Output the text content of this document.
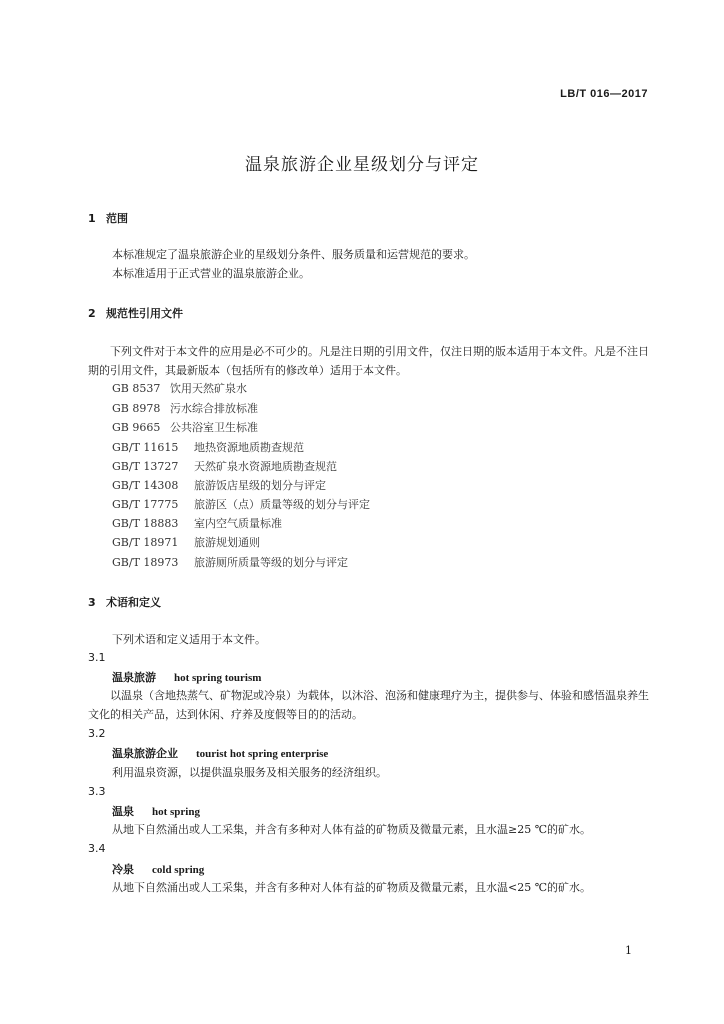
LB/T 016—2017
温泉旅游企业星级划分与评定
1 范围
本标准规定了温泉旅游企业的星级划分条件、服务质量和运营规范的要求。
本标准适用于正式营业的温泉旅游企业。
2 规范性引用文件
下列文件对于本文件的应用是必不可少的。凡是注日期的引用文件，仅注日期的版本适用于本文件。凡是不注日期的引用文件，其最新版本（包括所有的修改单）适用于本文件。
GB 8537 饮用天然矿泉水
GB 8978 污水综合排放标准
GB 9665 公共浴室卫生标准
GB/T 11615 地热资源地质勘查规范
GB/T 13727 天然矿泉水资源地质勘查规范
GB/T 14308 旅游饭店星级的划分与评定
GB/T 17775 旅游区（点）质量等级的划分与评定
GB/T 18883 室内空气质量标准
GB/T 18971 旅游规划通则
GB/T 18973 旅游厕所质量等级的划分与评定
3 术语和定义
下列术语和定义适用于本文件。
3.1
温泉旅游 hot spring tourism
以温泉（含地热蒸气、矿物泥或冷泉）为载体，以沐浴、泡汤和健康理疗为主，提供参与、体验和感悟温泉养生文化的相关产品，达到休闲、疗养及度假等目的的活动。
3.2
温泉旅游企业 tourist hot spring enterprise
利用温泉资源，以提供温泉服务及相关服务的经济组织。
3.3
温泉 hot spring
从地下自然涌出或人工采集，并含有多种对人体有益的矿物质及微量元素，且水温≥25 ℃的矿水。
3.4
冷泉 cold spring
从地下自然涌出或人工采集，并含有多种对人体有益的矿物质及微量元素，且水温<25 ℃的矿水。
1
